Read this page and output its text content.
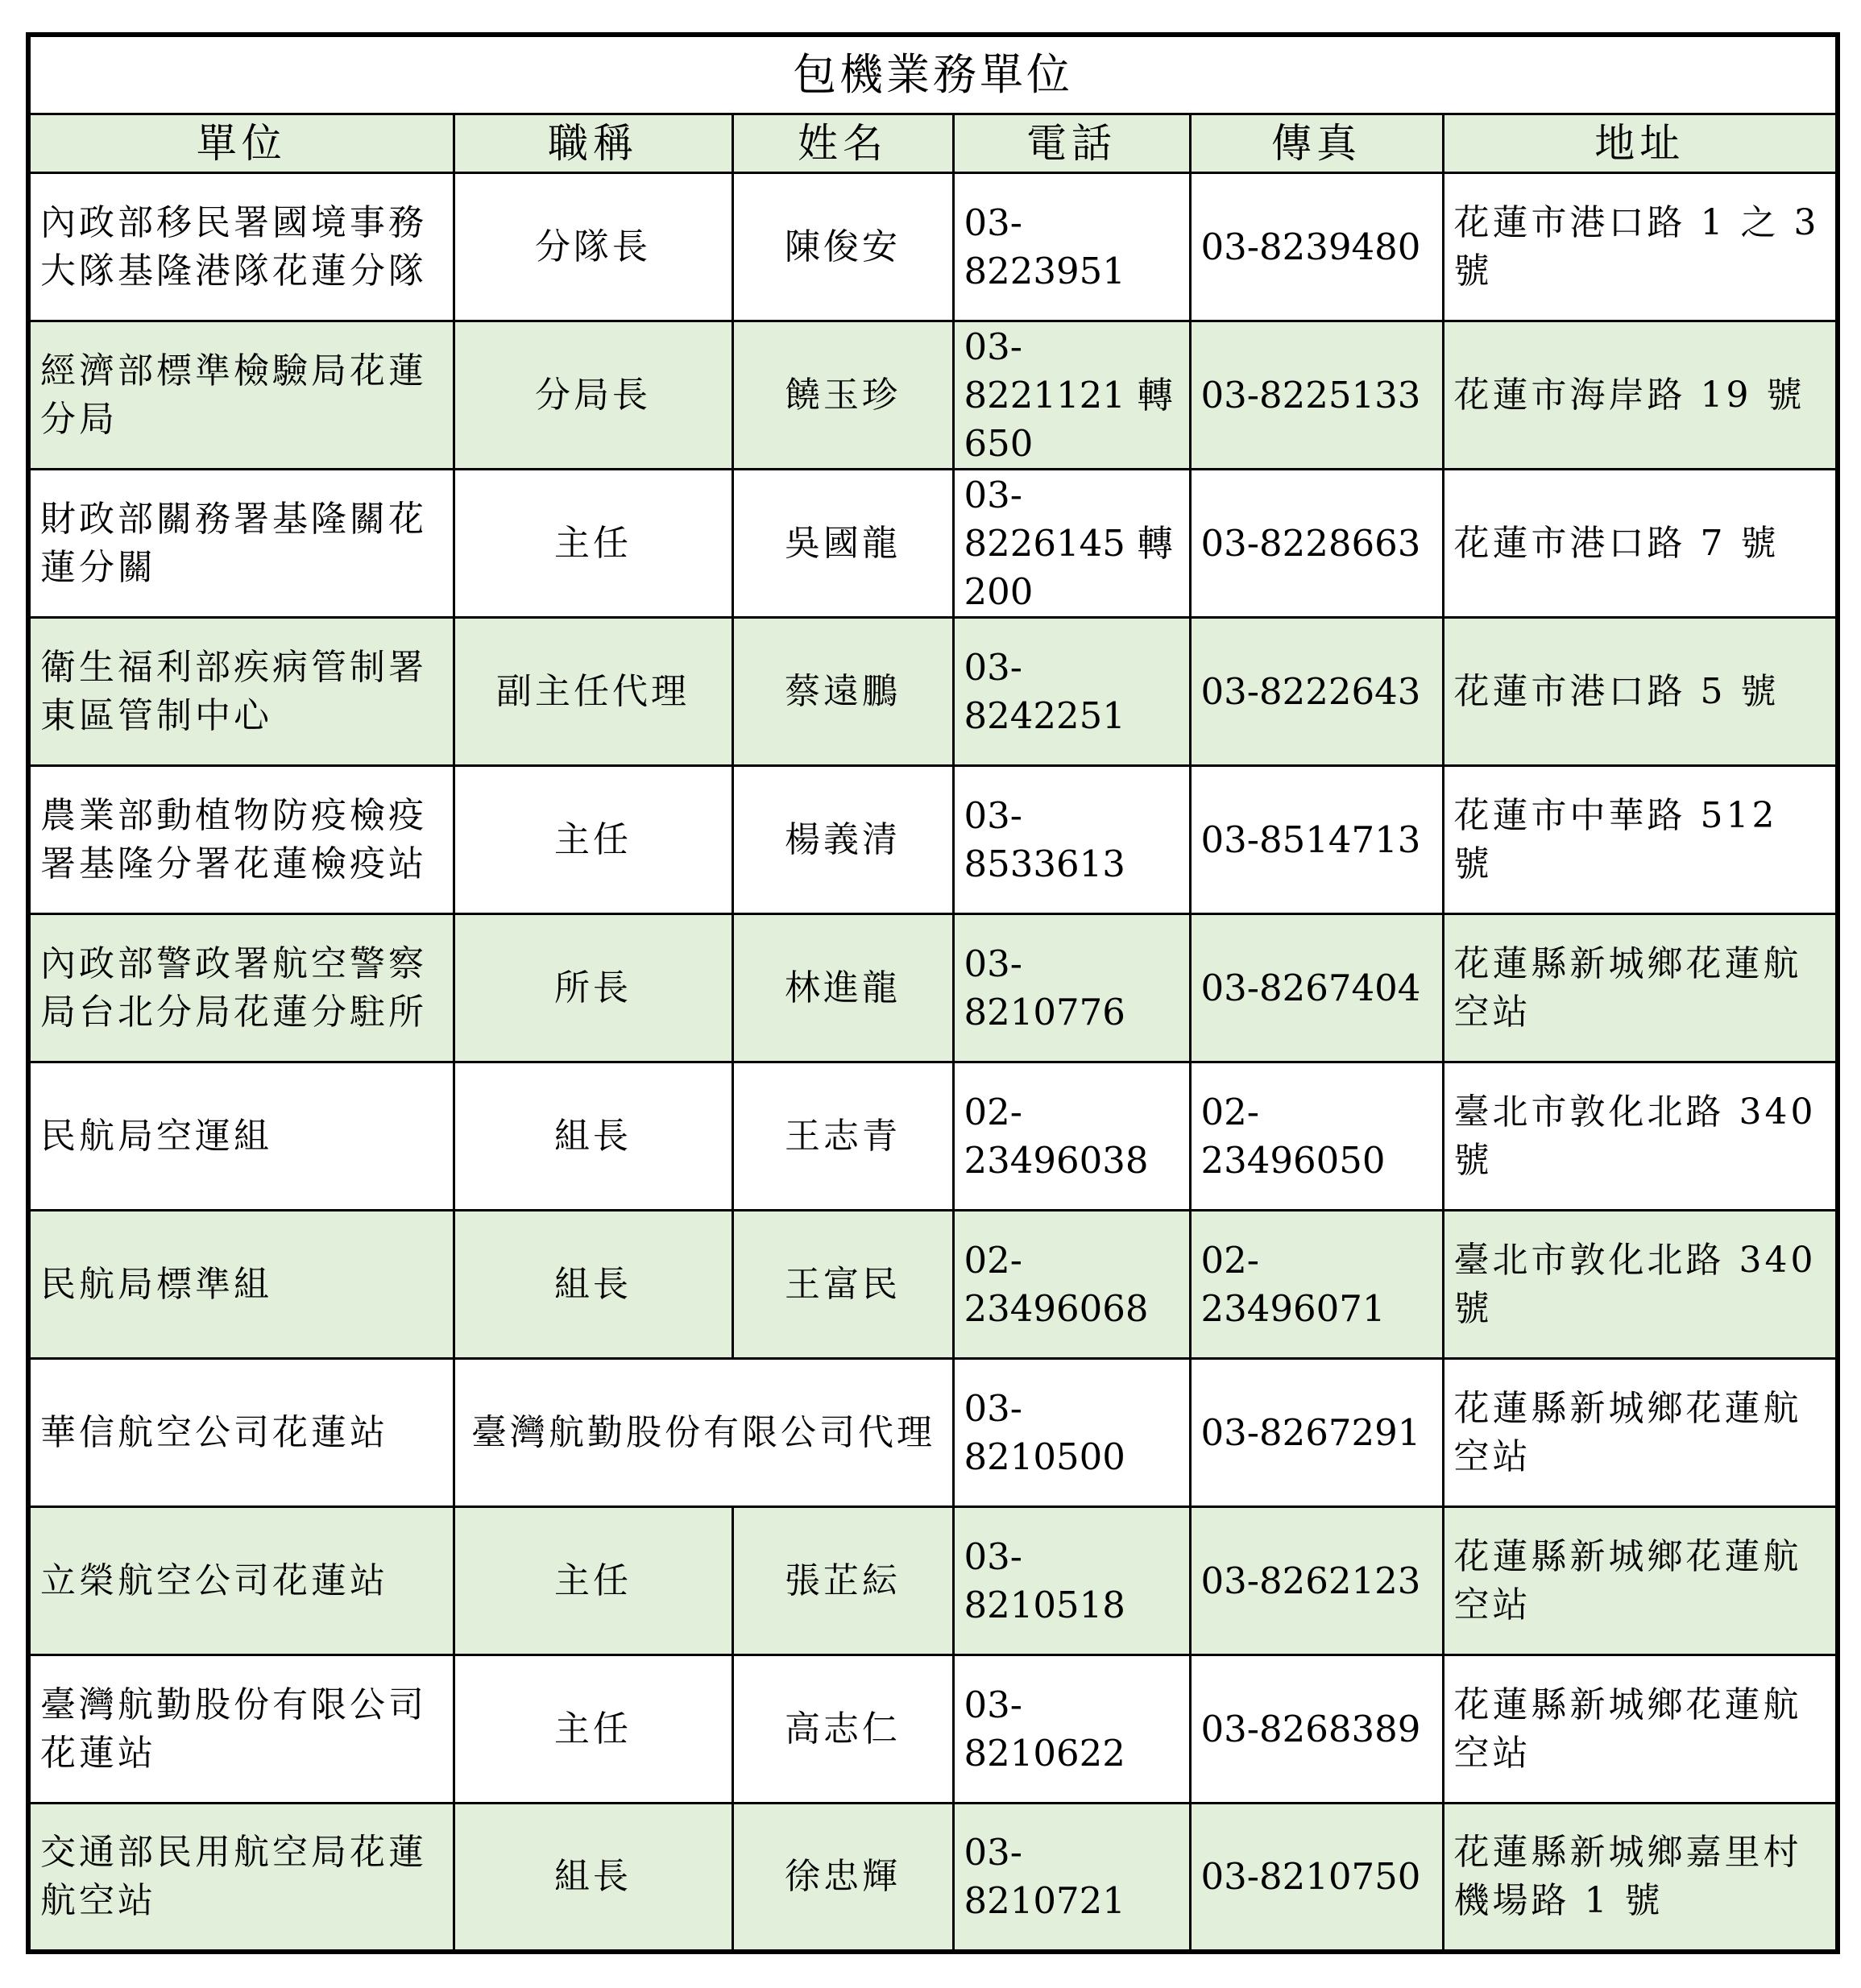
包機業務單位					
單位	職稱	姓名	電話	傳真	地址
內政部移民署國境事務大隊基隆港隊花蓮分隊	分隊長	陳俊安	03-8223951	03-8239480	花蓮市港口路 1 之 3 號
經濟部標準檢驗局花蓮分局	分局長	饒玉珍	03-8221121 轉 650	03-8225133	花蓮市海岸路 19 號
財政部關務署基隆關花蓮分關	主任	吳國龍	03-8226145 轉 200	03-8228663	花蓮市港口路 7 號
衛生福利部疾病管制署東區管制中心	副主任代理	蔡遠鵬	03-8242251	03-8222643	花蓮市港口路 5 號
農業部動植物防疫檢疫署基隆分署花蓮檢疫站	主任	楊義清	03-8533613	03-8514713	花蓮市中華路 512 號
內政部警政署航空警察局台北分局花蓮分駐所	所長	林進龍	03-8210776	03-8267404	花蓮縣新城鄉花蓮航空站
民航局空運組	組長	王志青	02-23496038	02-23496050	臺北市敦化北路 340 號
民航局標準組	組長	王富民	02-23496068	02-23496071	臺北市敦化北路 340 號
華信航空公司花蓮站	臺灣航勤股份有限公司代理		03-8210500	03-8267291	花蓮縣新城鄉花蓮航空站
立榮航空公司花蓮站	主任	張芷紜	03-8210518	03-8262123	花蓮縣新城鄉花蓮航空站
臺灣航勤股份有限公司花蓮站	主任	高志仁	03-8210622	03-8268389	花蓮縣新城鄉花蓮航空站
交通部民用航空局花蓮航空站	組長	徐忠輝	03-8210721	03-8210750	花蓮縣新城鄉嘉里村機場路 1 號
